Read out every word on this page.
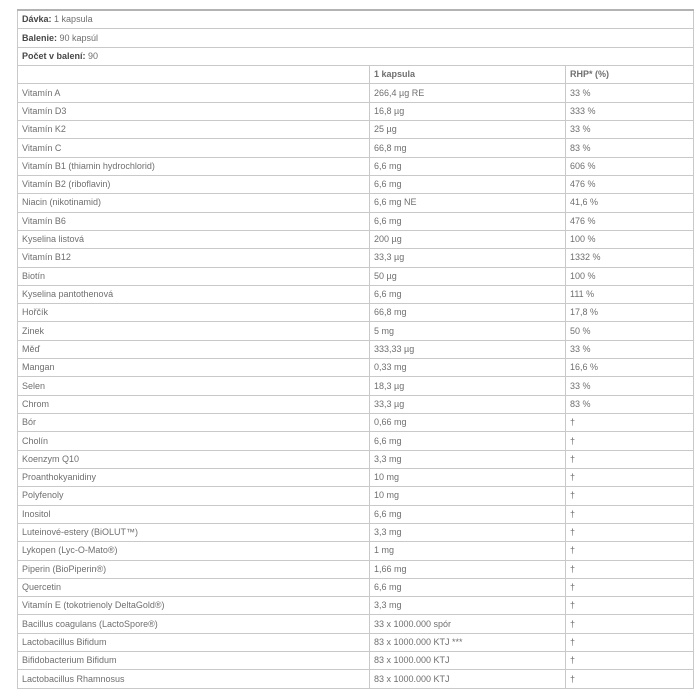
Dávka: 1 kapsula		
Balenie: 90 kapsúl		
Počet v balení: 90		
	1 kapsula	RHP* (%)
Vitamín A	266,4 µg RE	33 %
Vitamín D3	16,8 µg	333 %
Vitamín K2	25 µg	33 %
Vitamín C	66,8 mg	83 %
Vitamín B1 (thiamin hydrochlorid)	6,6 mg	606 %
Vitamín B2 (riboflavin)	6,6 mg	476 %
Niacin (nikotinamid)	6,6 mg NE	41,6 %
Vitamín B6	6,6 mg	476 %
Kyselina listová	200 µg	100 %
Vitamín B12	33,3 µg	1332 %
Biotín	50 µg	100 %
Kyselina pantothenová	6,6 mg	111 %
Hořčík	66,8 mg	17,8 %
Zinek	5 mg	50 %
Měď	333,33 µg	33 %
Mangan	0,33 mg	16,6 %
Selen	18,3 µg	33 %
Chrom	33,3 µg	83 %
Bór	0,66 mg	†
Cholín	6,6 mg	†
Koenzym Q10	3,3 mg	†
Proanthokyanidiny	10 mg	†
Polyfenoly	10 mg	†
Inositol	6,6 mg	†
Luteinové-estery (BiOLUT™)	3,3 mg	†
Lykopen (Lyc-O-Mato®)	1 mg	†
Piperin (BioPiperin®)	1,66 mg	†
Quercetin	6,6 mg	†
Vitamín E (tokotrienoly DeltaGold®)	3,3 mg	†
Bacillus coagulans (LactoSpore®)	33 x 1000.000 spór	†
Lactobacillus Bifidum	83 x 1000.000 KTJ ***	†
Bifidobacterium Bifidum	83 x 1000.000 KTJ	†
Lactobacillus Rhamnosus	83 x 1000.000 KTJ	†
